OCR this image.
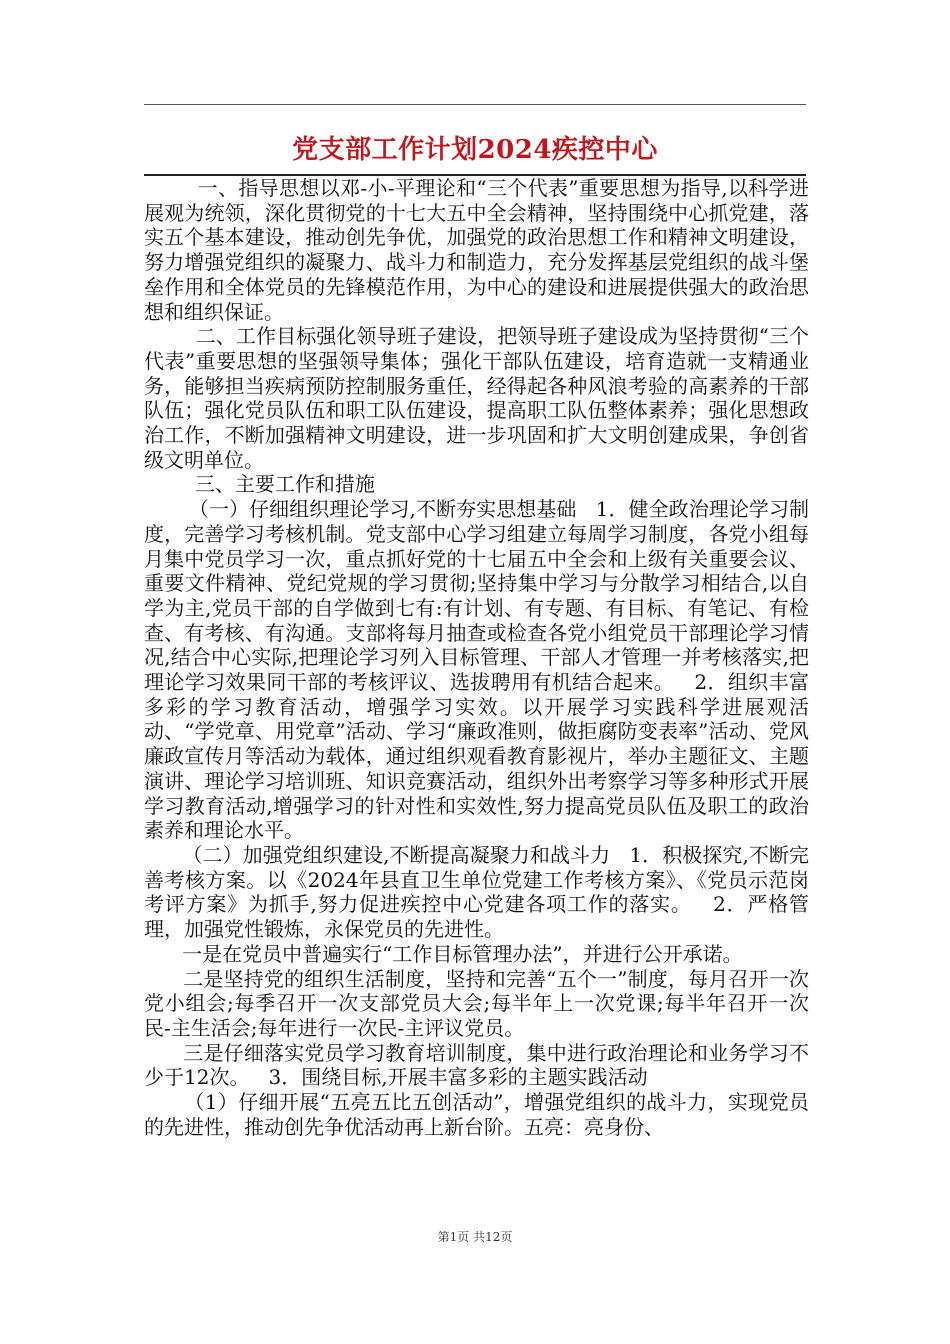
党支部工作计划2024疾控中心

一、指导思想以邓-小-平理论和“三个代表”重要思想为指导,以科学进展观为统领，深化贯彻党的十七大五中全会精神，坚持围绕中心抓党建，落实五个基本建设，推动创先争优，加强党的政治思想工作和精神文明建设，努力增强党组织的凝聚力、战斗力和制造力，充分发挥基层党组织的战斗堡垒作用和全体党员的先锋模范作用，为中心的建设和进展提供强大的政治思想和组织保证。

二、工作目标强化领导班子建设，把领导班子建设成为坚持贯彻“三个代表”重要思想的坚强领导集体；强化干部队伍建设，培育造就一支精通业务，能够担当疾病预防控制服务重任，经得起各种风浪考验的高素养的干部队伍；强化党员队伍和职工队伍建设，提高职工队伍整体素养；强化思想政治工作，不断加强精神文明建设，进一步巩固和扩大文明创建成果，争创省级文明单位。

三、主要工作和措施

（一）仔细组织理论学习,不断夯实思想基础   1．健全政治理论学习制度，完善学习考核机制。党支部中心学习组建立每周学习制度，各党小组每月集中党员学习一次，重点抓好党的十七届五中全会和上级有关重要会议、重要文件精神、党纪党规的学习贯彻;坚持集中学习与分散学习相结合,以自学为主,党员干部的自学做到七有:有计划、有专题、有目标、有笔记、有检查、有考核、有沟通。支部将每月抽查或检查各党小组党员干部理论学习情况,结合中心实际,把理论学习列入目标管理、干部人才管理一并考核落实,把理论学习效果同干部的考核评议、选拔聘用有机结合起来。   2．组织丰富多彩的学习教育活动，增强学习实效。以开展学习实践科学进展观活动、“学党章、用党章”活动、学习“廉政准则，做拒腐防变表率”活动、党风廉政宣传月等活动为载体，通过组织观看教育影视片，举办主题征文、主题演讲、理论学习培训班、知识竞赛活动，组织外出考察学习等多种形式开展学习教育活动,增强学习的针对性和实效性,努力提高党员队伍及职工的政治素养和理论水平。

（二）加强党组织建设,不断提高凝聚力和战斗力   1．积极探究,不断完善考核方案。以《2024年县直卫生单位党建工作考核方案》、《党员示范岗考评方案》为抓手,努力促进疾控中心党建各项工作的落实。   2．严格管理，加强党性锻炼，永保党员的先进性。

一是在党员中普遍实行“工作目标管理办法”，并进行公开承诺。

二是坚持党的组织生活制度，坚持和完善“五个一”制度，每月召开一次党小组会;每季召开一次支部党员大会;每半年上一次党课;每半年召开一次民-主生活会;每年进行一次民-主评议党员。

三是仔细落实党员学习教育培训制度，集中进行政治理论和业务学习不少于12次。   3．围绕目标,开展丰富多彩的主题实践活动

（1）仔细开展“五亮五比五创活动”，增强党组织的战斗力，实现党员的先进性，推动创先争优活动再上新台阶。五亮：亮身份、

第1页 共12页
